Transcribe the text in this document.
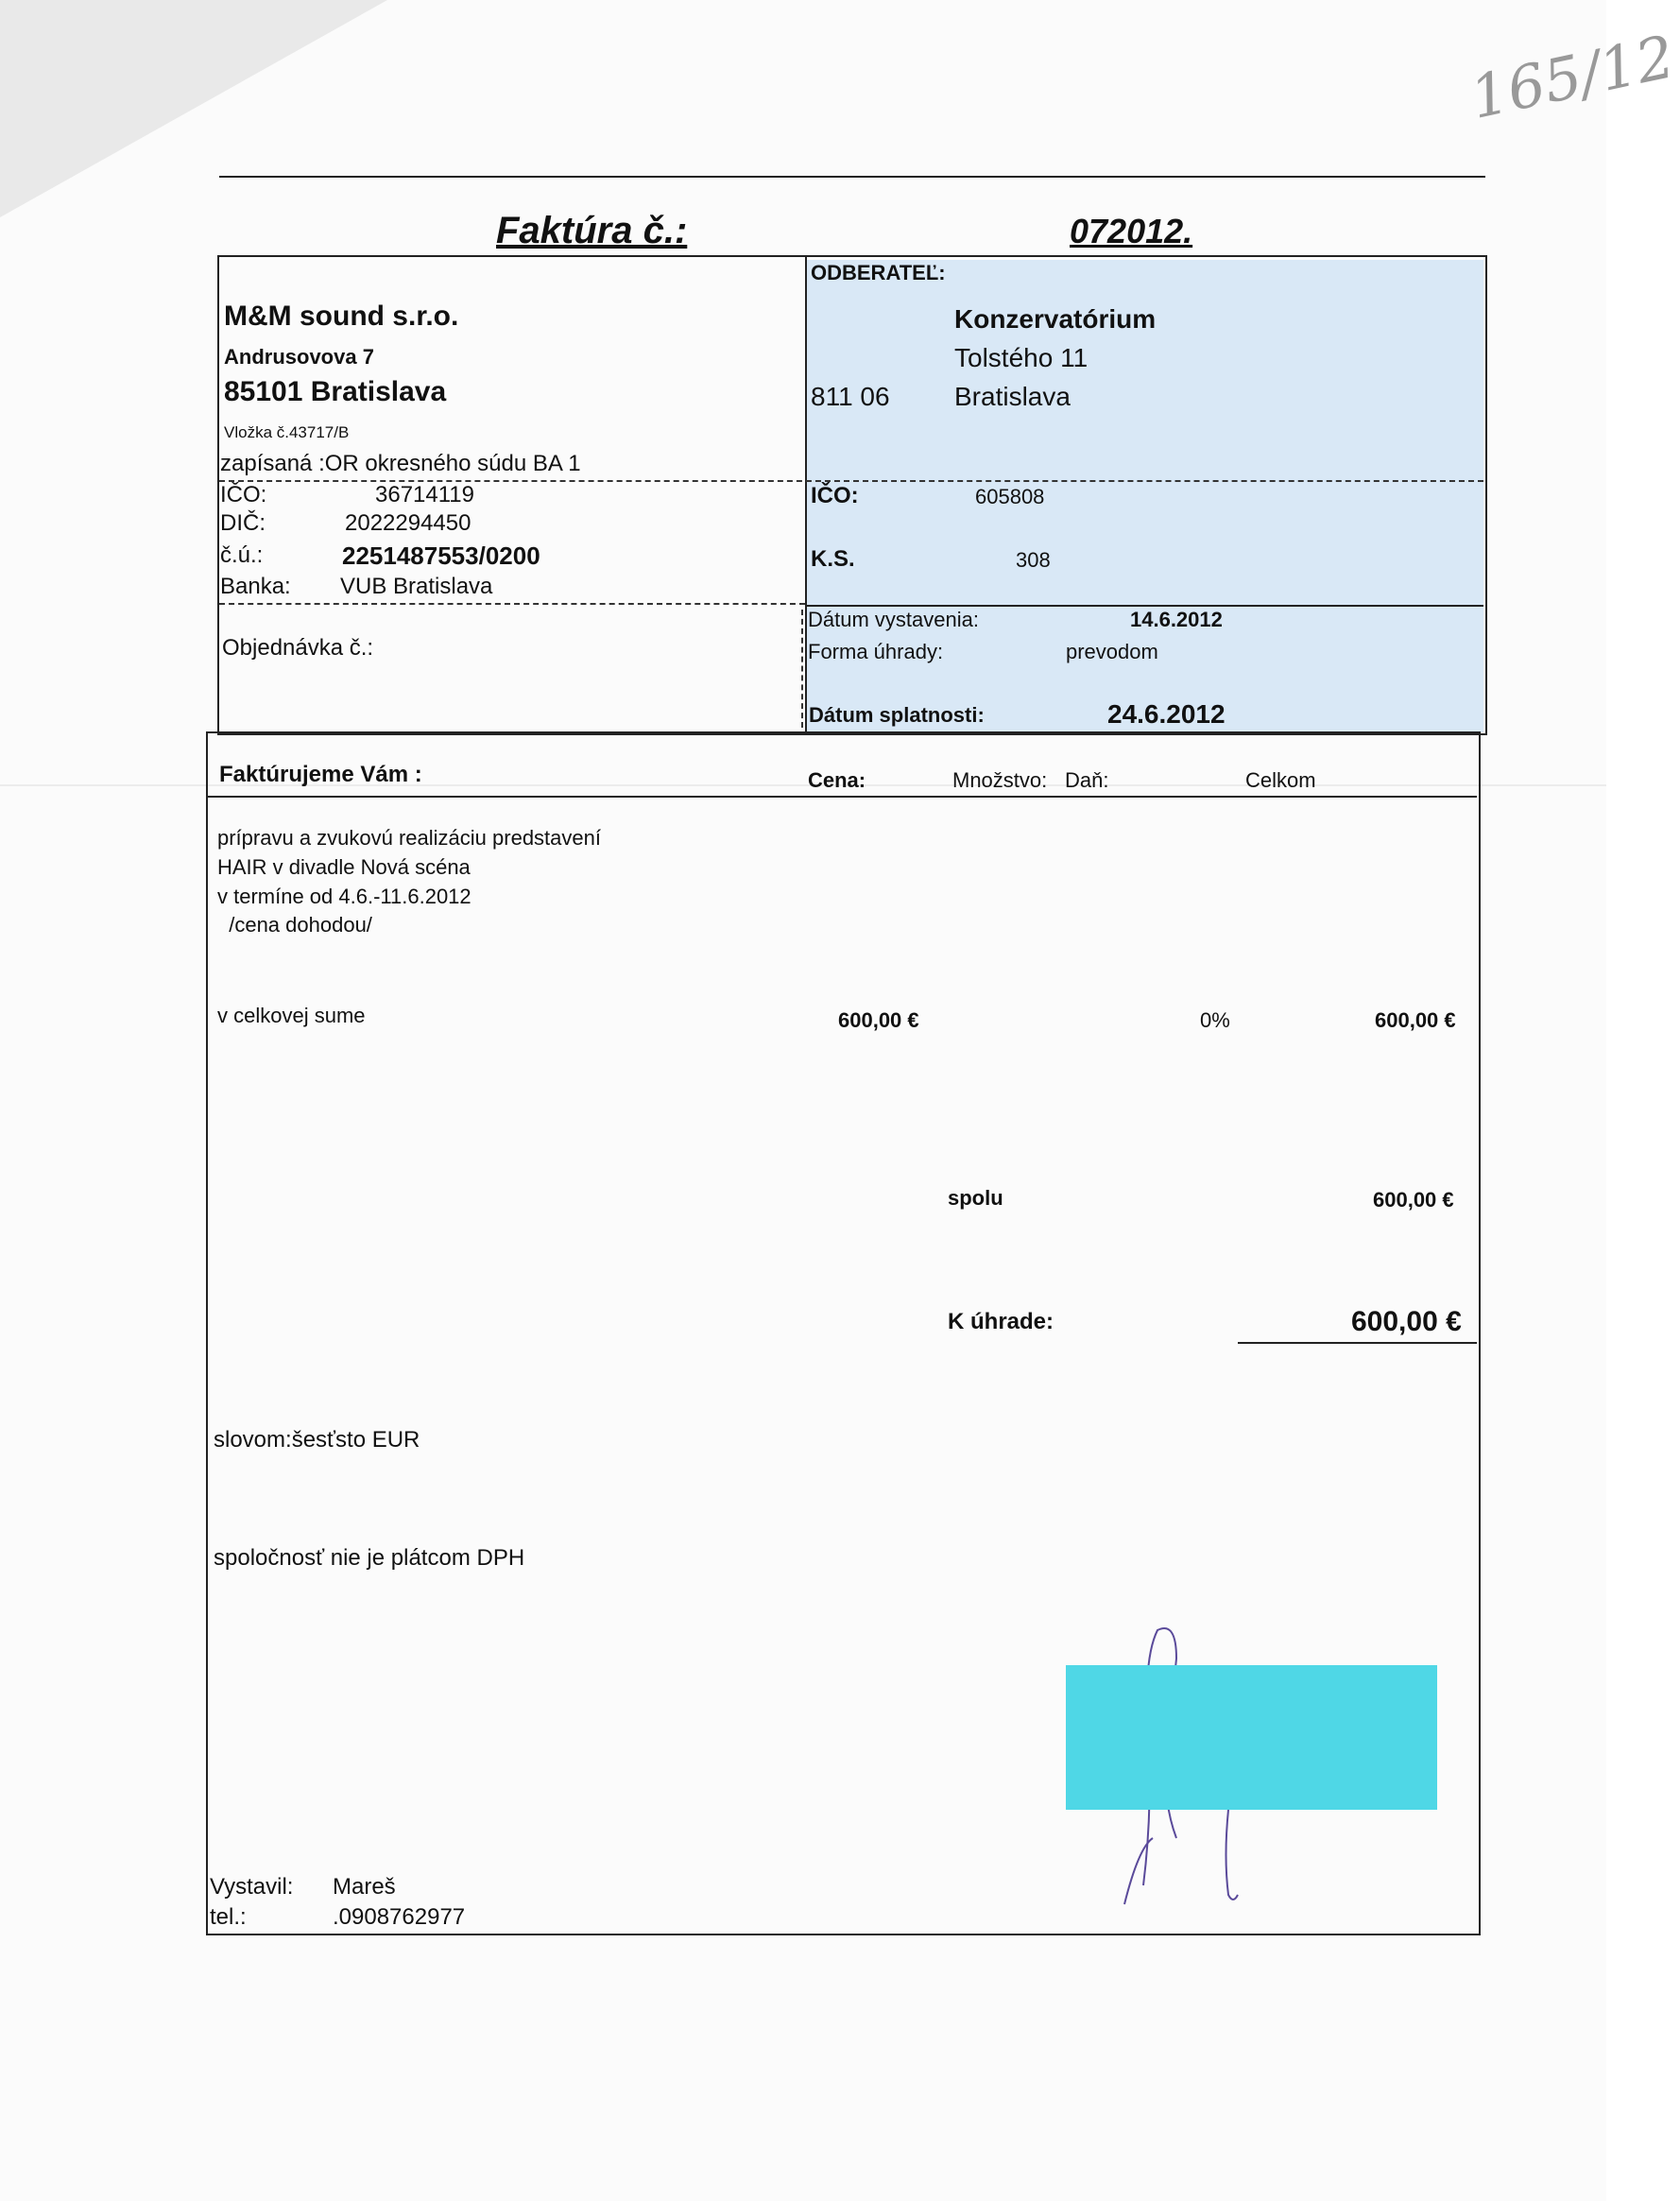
165/12
Faktúra č.:	072012.
M&M sound s.r.o.
Andrusovova 7
85101 Bratislava
Vložka č.43717/B
zapísaná :OR okresného súdu BA 1
IČO:	36714119
DIČ:	2022294450
č.ú.:	2251487553/0200
Banka: VUB Bratislava
Objednávka č.:
ODBERATEĽ:
Konzervatórium
Tolstého 11
811 06 Bratislava
IČO:	605808
K.S.	308
Dátum vystavenia:	14.6.2012
Forma úhrady:	prevodom
Dátum splatnosti:	24.6.2012
Faktúrujeme Vám :	Cena:	Množstvo: Daň:	Celkom
prípravu a zvukovú realizáciu predstavení
HAIR v divadle Nová scéna
v termíne od 4.6.-11.6.2012
/cena dohodou/
v celkovej sume	600,00 €	0%	600,00 €
spolu	600,00 €
K úhrade:	600,00 €
slovom:šesťsto EUR
spoločnosť nie je plátcom DPH
Vystavil: Mareš
tel.:	.0908762977
